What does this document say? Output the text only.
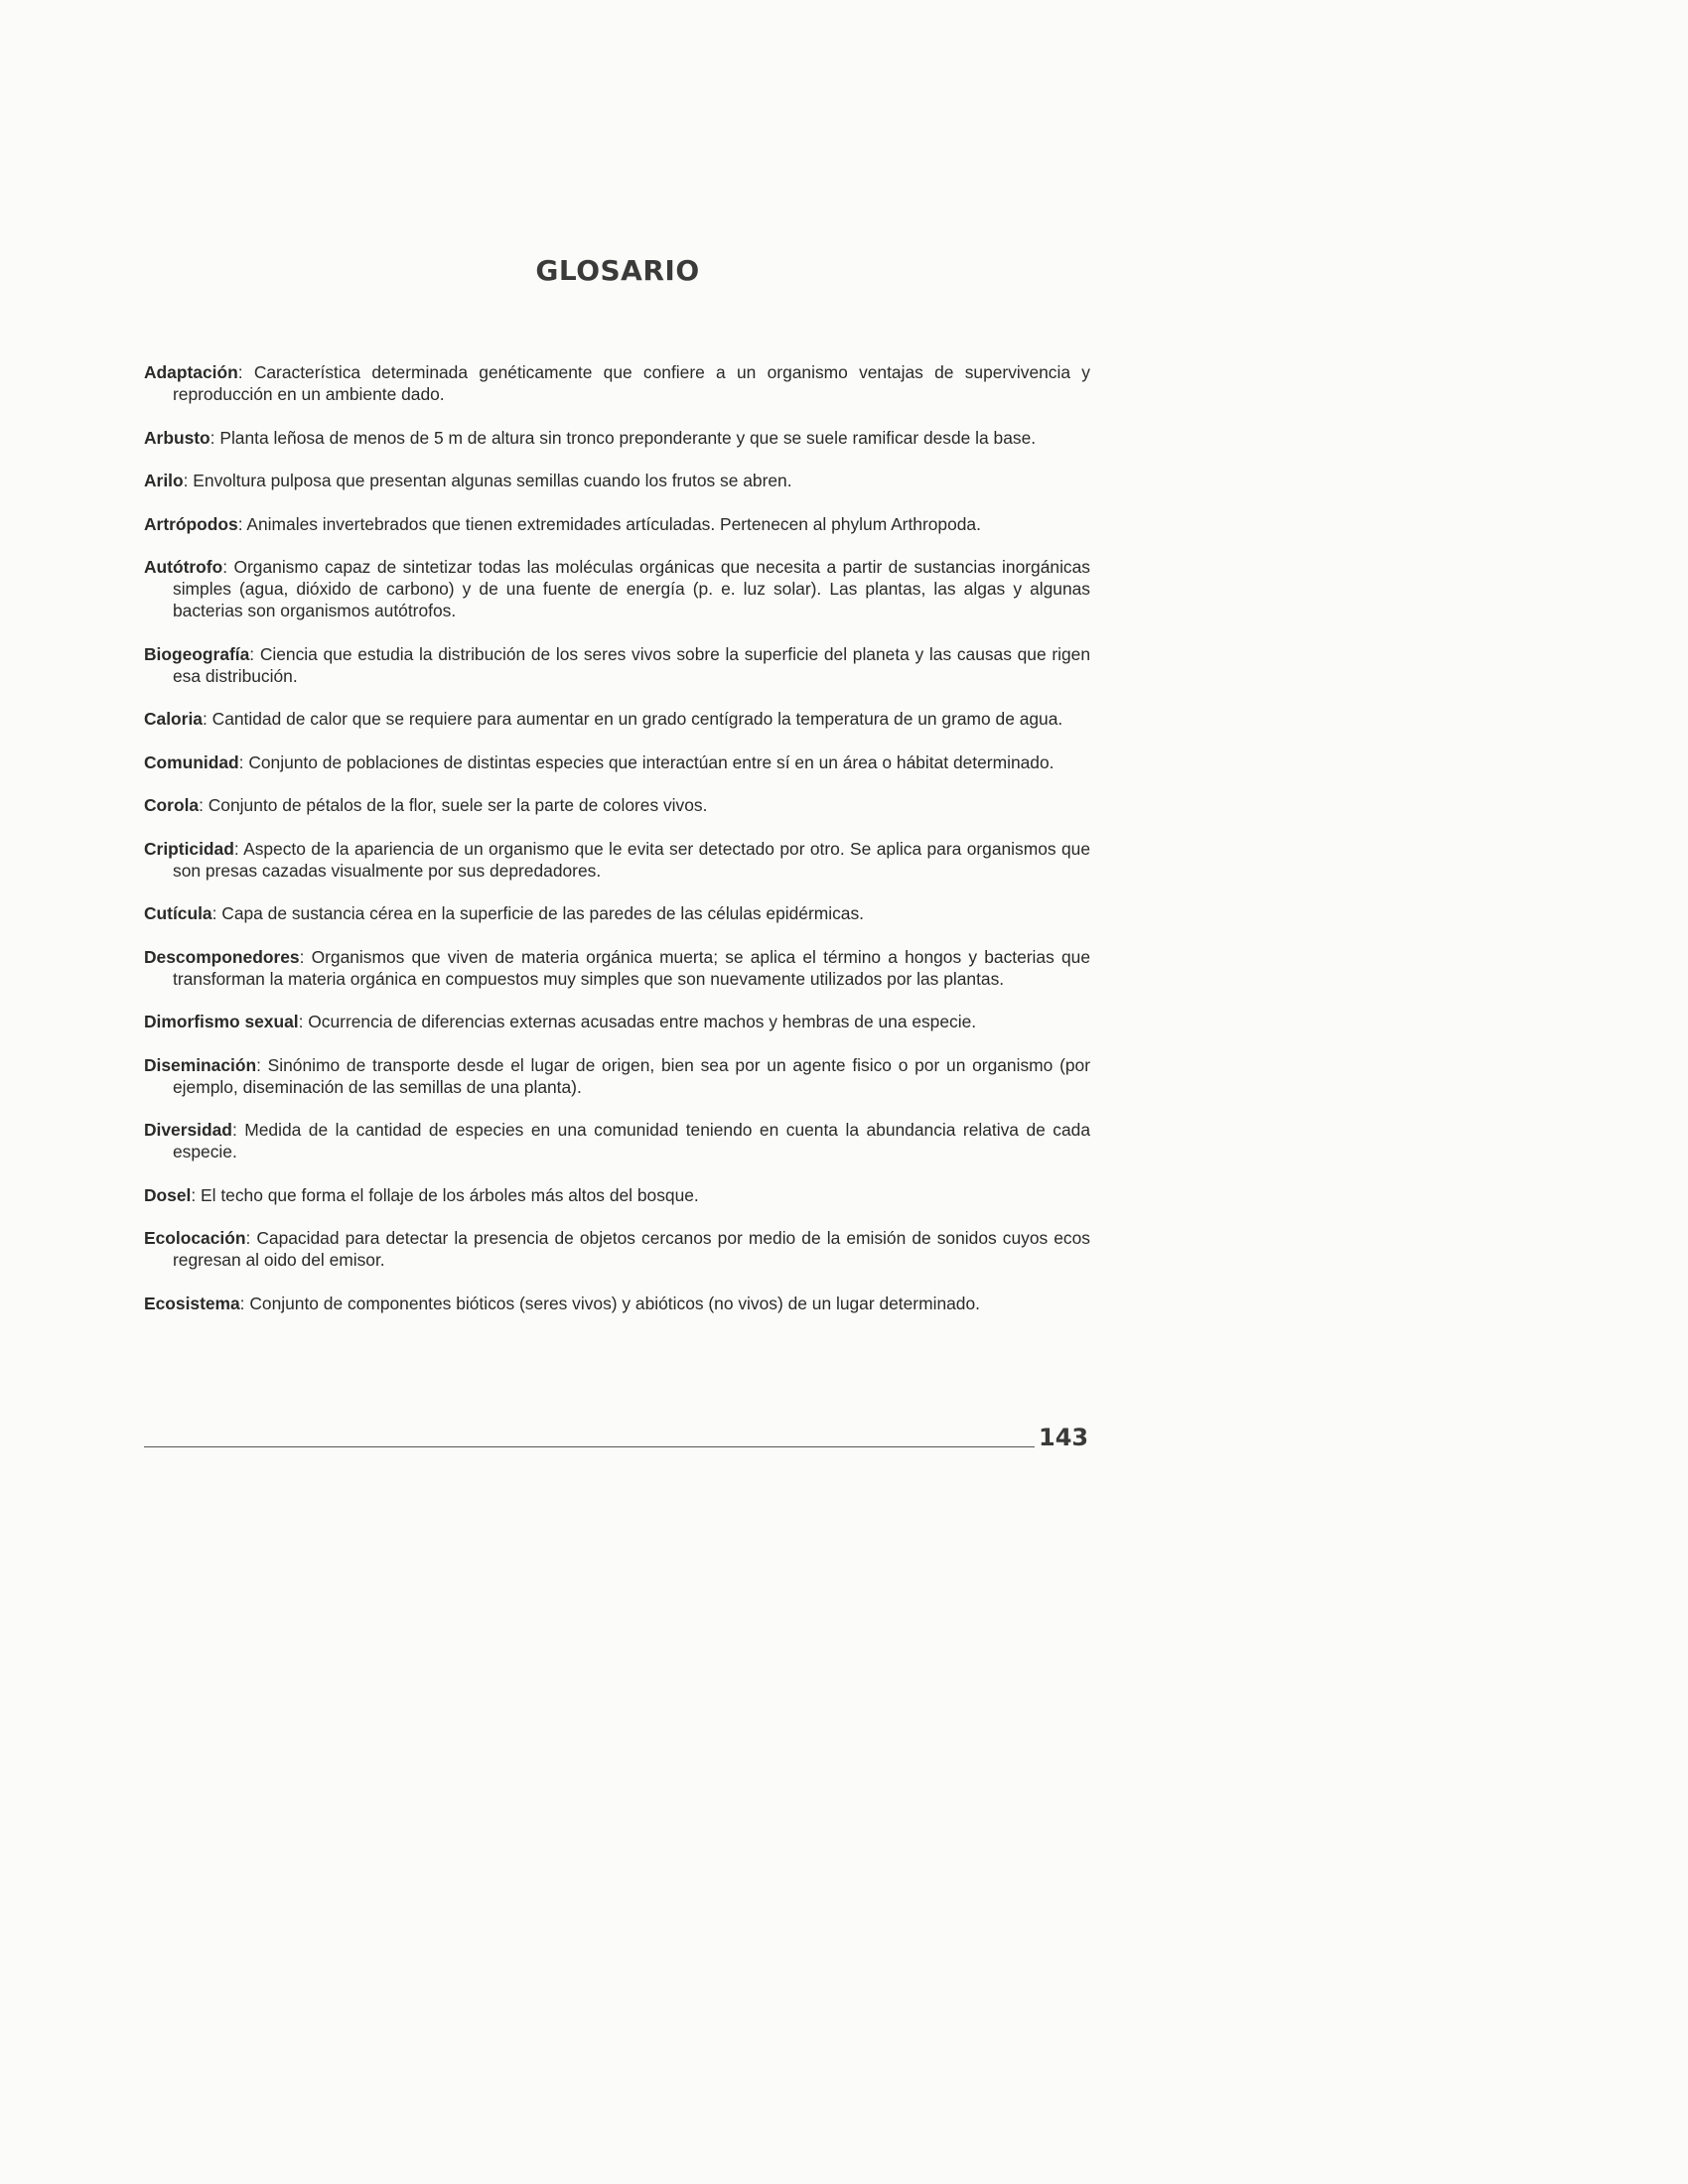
GLOSARIO

Adaptación: Característica determinada genéticamente que confiere a un organismo ventajas de supervivencia y reproducción en un ambiente dado.

Arbusto: Planta leñosa de menos de 5 m de altura sin tronco preponderante y que se suele ramificar desde la base.

Arilo: Envoltura pulposa que presentan algunas semillas cuando los frutos se abren.

Artrópodos: Animales invertebrados que tienen extremidades artículadas. Pertenecen al phylum Arthropoda.

Autótrofo: Organismo capaz de sintetizar todas las moléculas orgánicas que necesita a partir de sustancias inorgánicas simples (agua, dióxido de carbono) y de una fuente de energía (p. e. luz solar). Las plantas, las algas y algunas bacterias son organismos autótrofos.

Biogeografía: Ciencia que estudia la distribución de los seres vivos sobre la superficie del planeta y las causas que rigen esa distribución.

Caloria: Cantidad de calor que se requiere para aumentar en un grado centígrado la temperatura de un gramo de agua.

Comunidad: Conjunto de poblaciones de distintas especies que interactúan entre sí en un área o hábitat determinado.

Corola: Conjunto de pétalos de la flor, suele ser la parte de colores vivos.

Cripticidad: Aspecto de la apariencia de un organismo que le evita ser detectado por otro. Se aplica para organismos que son presas cazadas visualmente por sus depredadores.

Cutícula: Capa de sustancia cérea en la superficie de las paredes de las células epidérmicas.

Descomponedores: Organismos que viven de materia orgánica muerta; se aplica el término a hongos y bacterias que transforman la materia orgánica en compuestos muy simples que son nuevamente utilizados por las plantas.

Dimorfismo sexual: Ocurrencia de diferencias externas acusadas entre machos y hembras de una especie.

Diseminación: Sinónimo de transporte desde el lugar de origen, bien sea por un agente fisico o por un organismo (por ejemplo, diseminación de las semillas de una planta).

Diversidad: Medida de la cantidad de especies en una comunidad teniendo en cuenta la abundancia relativa de cada especie.

Dosel: El techo que forma el follaje de los árboles más altos del bosque.

Ecolocación: Capacidad para detectar la presencia de objetos cercanos por medio de la emisión de sonidos cuyos ecos regresan al oido del emisor.

Ecosistema: Conjunto de componentes bióticos (seres vivos) y abióticos (no vivos) de un lugar determinado.

143
